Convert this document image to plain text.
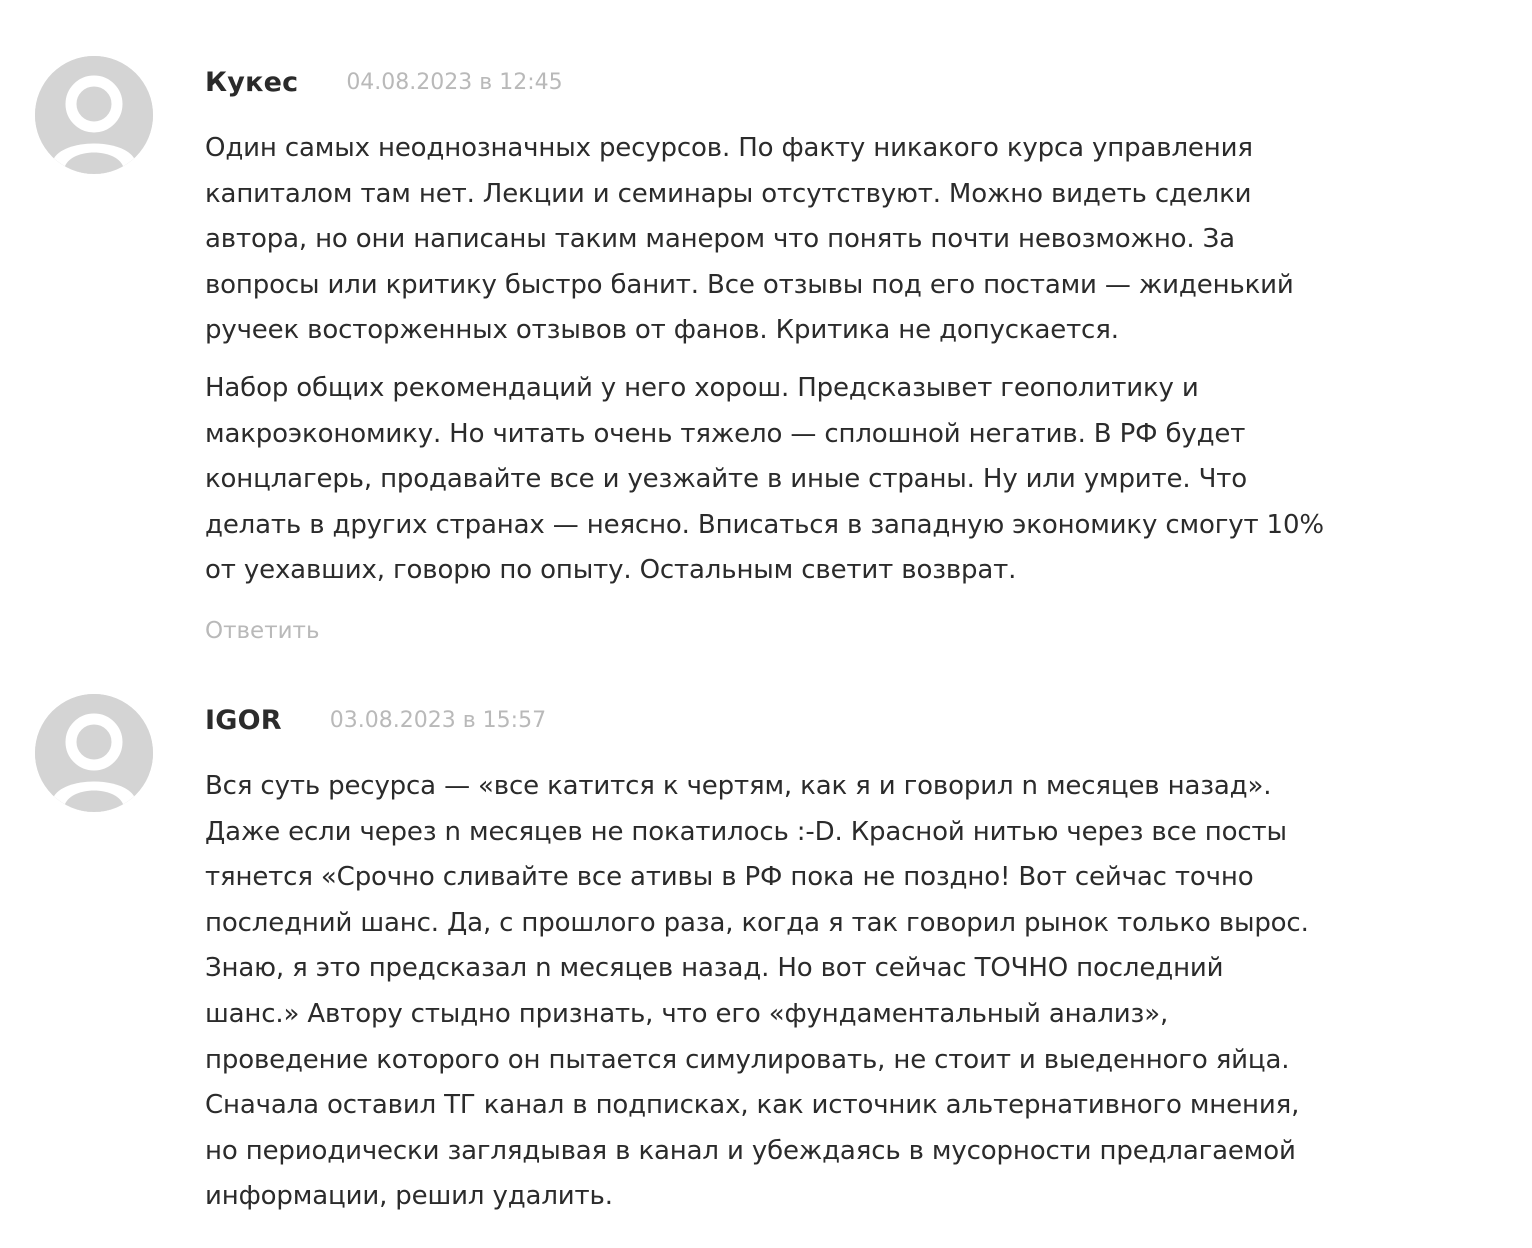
Кукес 04.08.2023 в 12:45

Один самых неоднозначных ресурсов. По факту никакого курса управления
капиталом там нет. Лекции и семинары отсутствуют. Можно видеть сделки
автора, но они написаны таким манером что понять почти невозможно. За
вопросы или критику быстро банит. Все отзывы под его постами — жиденький
ручеек восторженных отзывов от фанов. Критика не допускается.

Набор общих рекомендаций у него хорош. Предсказывет геополитику и
макроэкономику. Но читать очень тяжело — сплошной негатив. В РФ будет
концлагерь, продавайте все и уезжайте в иные страны. Ну или умрите. Что
делать в других странах — неясно. Вписаться в западную экономику смогут 10%
от уехавших, говорю по опыту. Остальным светит возврат.

Ответить
IGOR 03.08.2023 в 15:57

Вся суть ресурса — «все катится к чертям, как я и говорил n месяцев назад».
Даже если через n месяцев не покатилось :-D. Красной нитью через все посты
тянется «Срочно сливайте все ативы в РФ пока не поздно! Вот сейчас точно
последний шанс. Да, с прошлого раза, когда я так говорил рынок только вырос.
Знаю, я это предсказал n месяцев назад. Но вот сейчас ТОЧНО последний
шанс.» Автору стыдно признать, что его «фундаментальный анализ»,
проведение которого он пытается симулировать, не стоит и выеденного яйца.
Сначала оставил ТГ канал в подписках, как источник альтернативного мнения,
но периодически заглядывая в канал и убеждаясь в мусорности предлагаемой
информации, решил удалить.
